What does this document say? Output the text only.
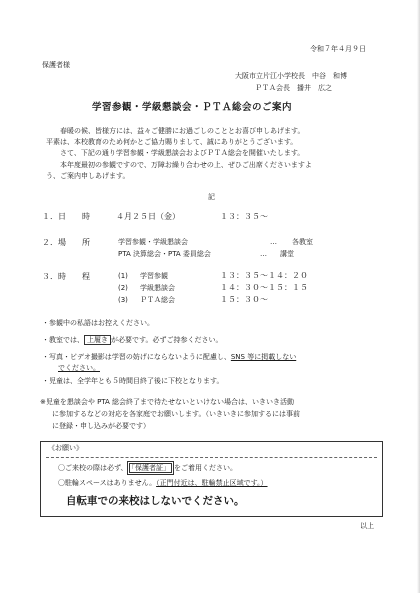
令和７年４月９日
保護者様
大阪市立片江小学校長　中谷　和博
ＰＴＡ会長　播井　広之
学習参観・学級懇談会・ＰＴＡ総会のご案内
春暖の候、皆様方には、益々ご健勝にお過ごしのこととお喜び申しあげます。
平素は、本校教育のため何かとご協力賜りまして、誠にありがとうございます。
さて、下記の通り学習参観・学級懇談会およびＰＴＡ総会を開催いたします。
本年度最初の参観ですので、万障お繰り合わせの上、ぜひご出席くださいますよ
う、ご案内申しあげます。
記
１．日　　時	４月２５日（金）	１３：３５～
２．場　　所	学習参観・学級懇談会	… 各教室
PTA 決算総会・PTA 委員総会	… 講堂
３．時　　程	(1) 学習参観	１３：３５～１４：２０
(2) 学級懇談会	１４：３０～１５：１５
(3) ＰＴＡ総会	１５：３０～
・参観中の私語はお控えください。
・教室では、 上履き が必要です。必ずご持参ください。
・写真・ビデオ撮影は学習の妨げにならないように配慮し、SNS 等に掲載しない
でください。
・児童は、全学年とも５時間目終了後に下校となります。
※児童を懇談会や PTA 総会終了まで待たせないといけない場合は、いきいき活動
に参加するなどの対応を各家庭でお願いします。（いきいきに参加するには事前
に登録・申し込みが必要です）
《お願い》
〇ご来校の際は必ず、 「保護者証」 をご着用ください。
〇駐輪スペースはありません。（正門付近は、駐輪禁止区域です。）
自転車での来校はしないでください。
以上
